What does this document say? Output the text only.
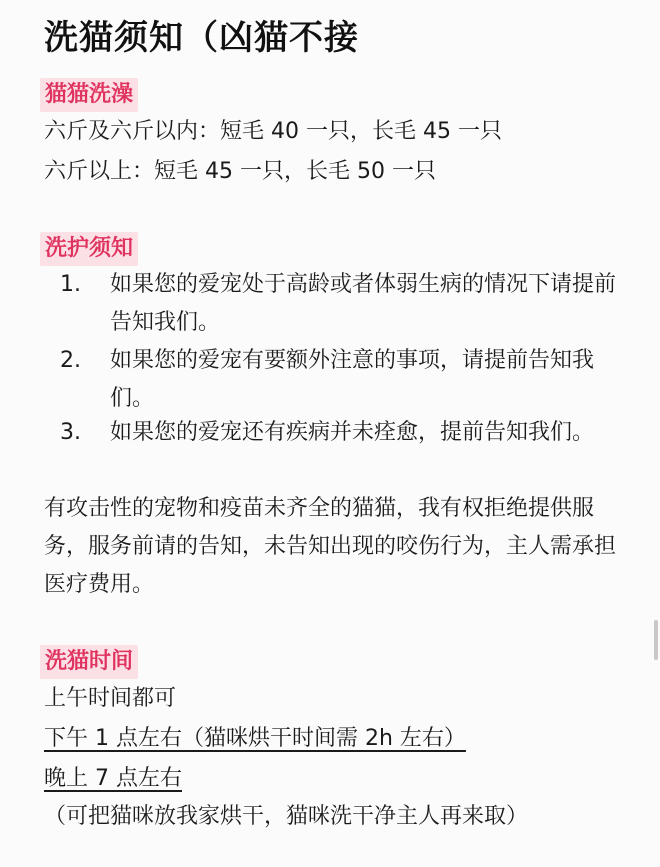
洗猫须知（凶猫不接
猫猫洗澡
六斤及六斤以内：短毛 40 一只，长毛 45 一只
六斤以上：短毛 45 一只，长毛 50 一只
洗护须知
1.	如果您的爱宠处于高龄或者体弱生病的情况下请提前告知我们。
2.	如果您的爱宠有要额外注意的事项，请提前告知我们。
3.	如果您的爱宠还有疾病并未痊愈，提前告知我们。
有攻击性的宠物和疫苗未齐全的猫猫，我有权拒绝提供服务，服务前请的告知，未告知出现的咬伤行为，主人需承担医疗费用。
洗猫时间
上午时间都可
下午 1 点左右（猫咪烘干时间需 2h 左右）
晚上 7 点左右
（可把猫咪放我家烘干，猫咪洗干净主人再来取）
